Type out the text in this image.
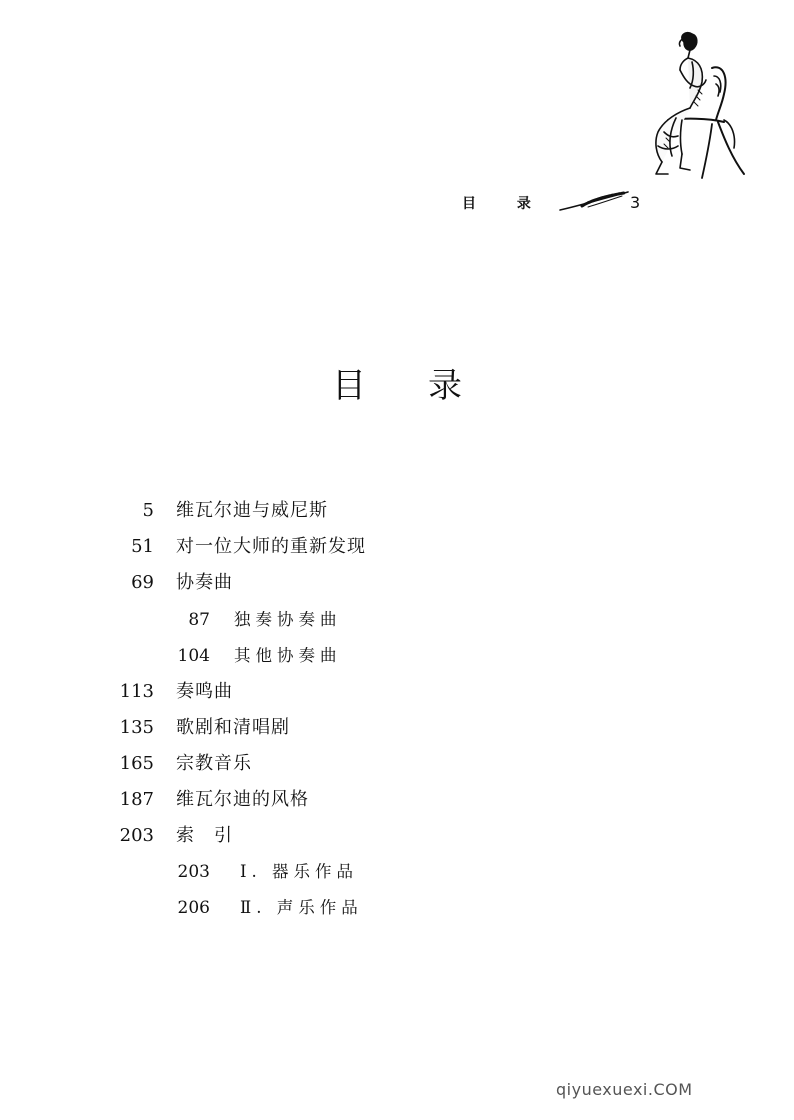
目 录	3
目录
5 维瓦尔迪与威尼斯
51 对一位大师的重新发现
69 协奏曲
87 独奏协奏曲
104 其他协奏曲
113 奏鸣曲
135 歌剧和清唱剧
165 宗教音乐
187 维瓦尔迪的风格
203 索　引
203 Ⅰ. 器乐作品
206 Ⅱ. 声乐作品
qiyuexuexi.COM
